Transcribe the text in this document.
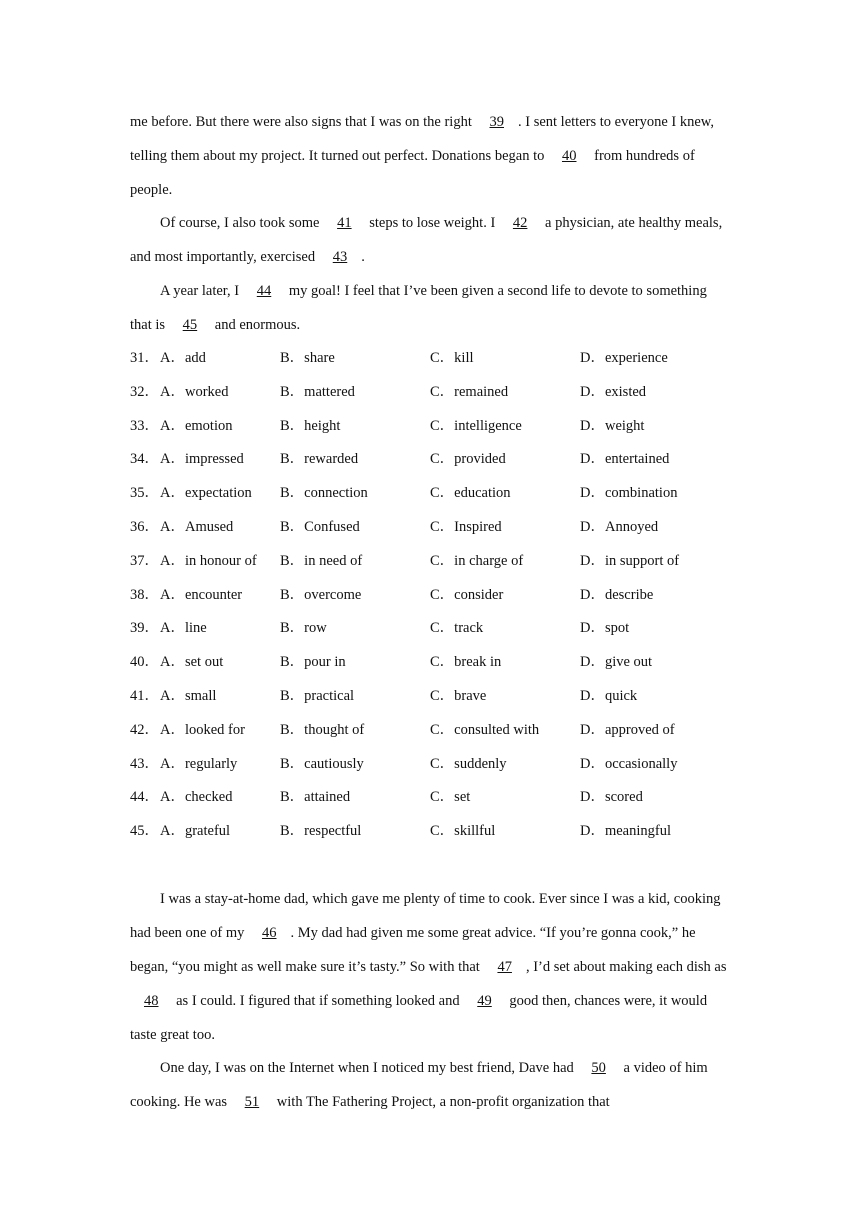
me before. But there were also signs that I was on the right 39 . I sent letters to everyone I knew, telling them about my project. It turned out perfect. Donations began to 40 from hundreds of people.

Of course, I also took some 41 steps to lose weight. I 42 a physician, ate healthy meals, and most importantly, exercised 43 .

A year later, I 44 my goal! I feel that I’ve been given a second life to devote to something that is 45 and enormous.

31． A．add	B．share	C．kill	D．experience
32． A．worked	B．mattered	C．remained	D．existed
33． A．emotion	B．height	C．intelligence	D．weight
34． A．impressed B．rewarded	C．provided	D．entertained
35． A．expectation B．connection	C．education	D．combination
36． A．Amused	B．Confused	C．Inspired	D．Annoyed
37． A．in honour of B．in need of	C．in charge of	D．in support of
38． A．encounter	B．overcome	C．consider	D．describe
39． A．line	B．row	C．track	D．spot
40． A．set out	B．pour in	C．break in	D．give out
41． A．small	B．practical	C．brave	D．quick
42． A．looked for B．thought of	C．consulted with	D．approved of
43． A．regularly	B．cautiously	C．suddenly	D．occasionally
44． A．checked	B．attained	C．set	D．scored
45． A．grateful	B．respectful	C．skillful	D．meaningful

I was a stay-at-home dad, which gave me plenty of time to cook. Ever since I was a kid, cooking had been one of my 46 . My dad had given me some great advice. “If you’re gonna cook,” he began, “you might as well make sure it’s tasty.” So with that 47 , I’d set about making each dish as 48 as I could. I figured that if something looked and 49 good then, chances were, it would taste great too.

One day, I was on the Internet when I noticed my best friend, Dave had 50 a video of him cooking. He was 51 with The Fathering Project, a non-profit organization that
